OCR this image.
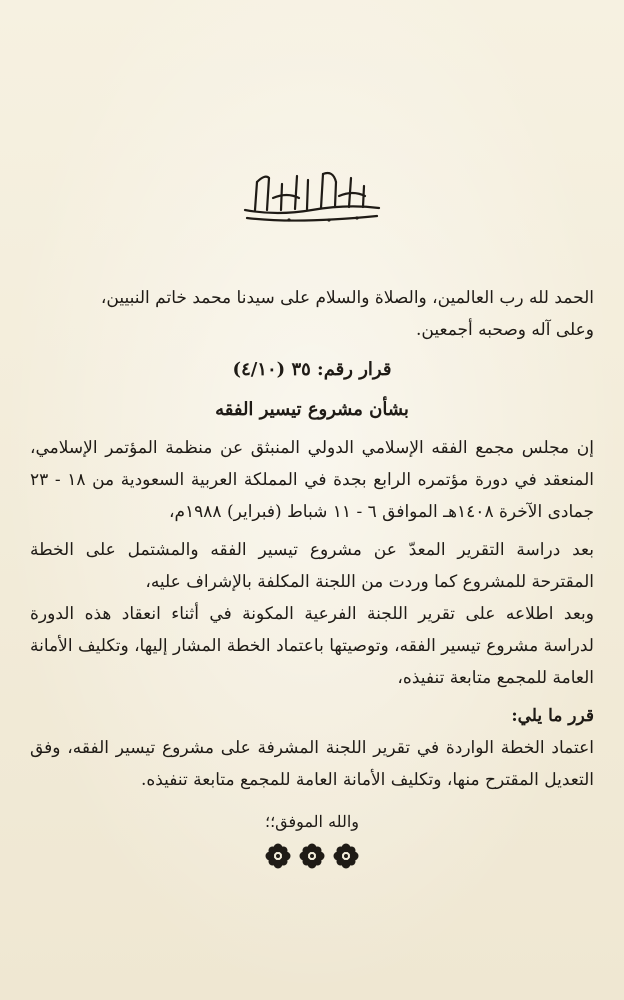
الحمد لله رب العالمين، والصلاة والسلام على سيدنا محمد خاتم النبيين،

وعلى آله وصحبه أجمعين.

قرار رقم: ٣٥ (٤/١٠)

بشأن مشروع تيسير الفقه

إن مجلس مجمع الفقه الإسلامي الدولي المنبثق عن منظمة المؤتمر الإسلامي، المنعقد في دورة مؤتمره الرابع بجدة في المملكة العربية السعودية من ١٨ - ٢٣ جمادى الآخرة ١٤٠٨هـ الموافق ٦ - ١١ شباط (فبراير) ١٩٨٨م،

بعد دراسة التقرير المعدّ عن مشروع تيسير الفقه والمشتمل على الخطة المقترحة للمشروع كما وردت من اللجنة المكلفة بالإشراف عليه،

وبعد اطلاعه على تقرير اللجنة الفرعية المكونة في أثناء انعقاد هذه الدورة لدراسة مشروع تيسير الفقه، وتوصيتها باعتماد الخطة المشار إليها، وتكليف الأمانة العامة للمجمع متابعة تنفيذه،

قرر ما يلي:

اعتماد الخطة الواردة في تقرير اللجنة المشرفة على مشروع تيسير الفقه، وفق التعديل المقترح منها، وتكليف الأمانة العامة للمجمع متابعة تنفيذه.

والله الموفق؛؛
